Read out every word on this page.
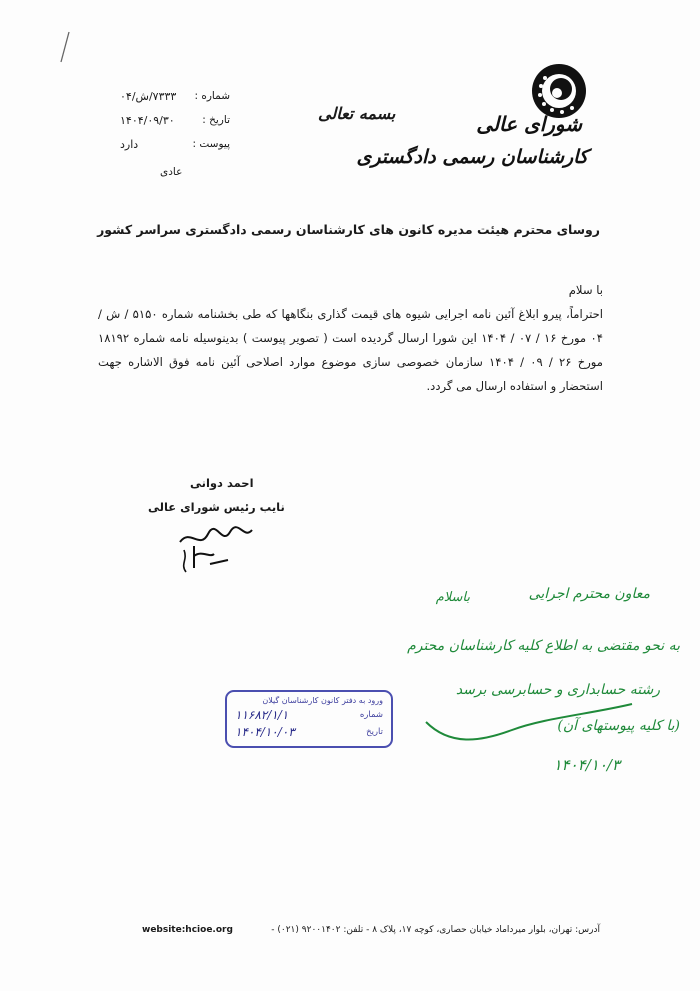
شورای عالی
کارشناسان رسمی دادگستری
بسمه تعالی
شماره :
۷۳۳۳/ش/۰۴
تاریخ :
۱۴۰۴/۰۹/۳۰
پیوست :
دارد
عادی
روسای محترم هیئت مدیره کانون های کارشناسان رسمی دادگستری سراسر کشور

با سلام

احتراماً، پیرو ابلاغ آئین نامه اجرایی شیوه های قیمت گذاری بنگاهها که طی بخشنامه شماره ۵۱۵۰ / ش / ۰۴ مورخ ۱۶ / ۰۷ / ۱۴۰۴ این شورا ارسال گردیده است ( تصویر پیوست ) بدینوسیله نامه شماره ۱۸۱۹۲ مورخ ۲۶ / ۰۹ / ۱۴۰۴ سازمان خصوصی سازی موضوع موارد اصلاحی آئین نامه فوق الاشاره جهت استحضار و استفاده ارسال می گردد.

احمد دوانی
نایب رئیس شورای عالی
معاون محترم اجرایی
باسلام
به نحو مقتضی به اطلاع کلیه کارشناسان محترم
رشته حسابداری و حسابرسی برسد
(با کلیه پیوستهای آن)
۱۴۰۴/۱۰/۳
ورود به دفتر کانون کارشناسان گیلان
شماره
۱۱۶۸۲/۱/۱
تاریخ
۱۴۰۴/۱۰/۰۳
آدرس: تهران، بلوار میرداماد خیابان حصاری، کوچه ۱۷، پلاک ۸ - تلفن: ۹۲۰۰۱۴۰۲ (۰۲۱) -
website:hcioe.org
